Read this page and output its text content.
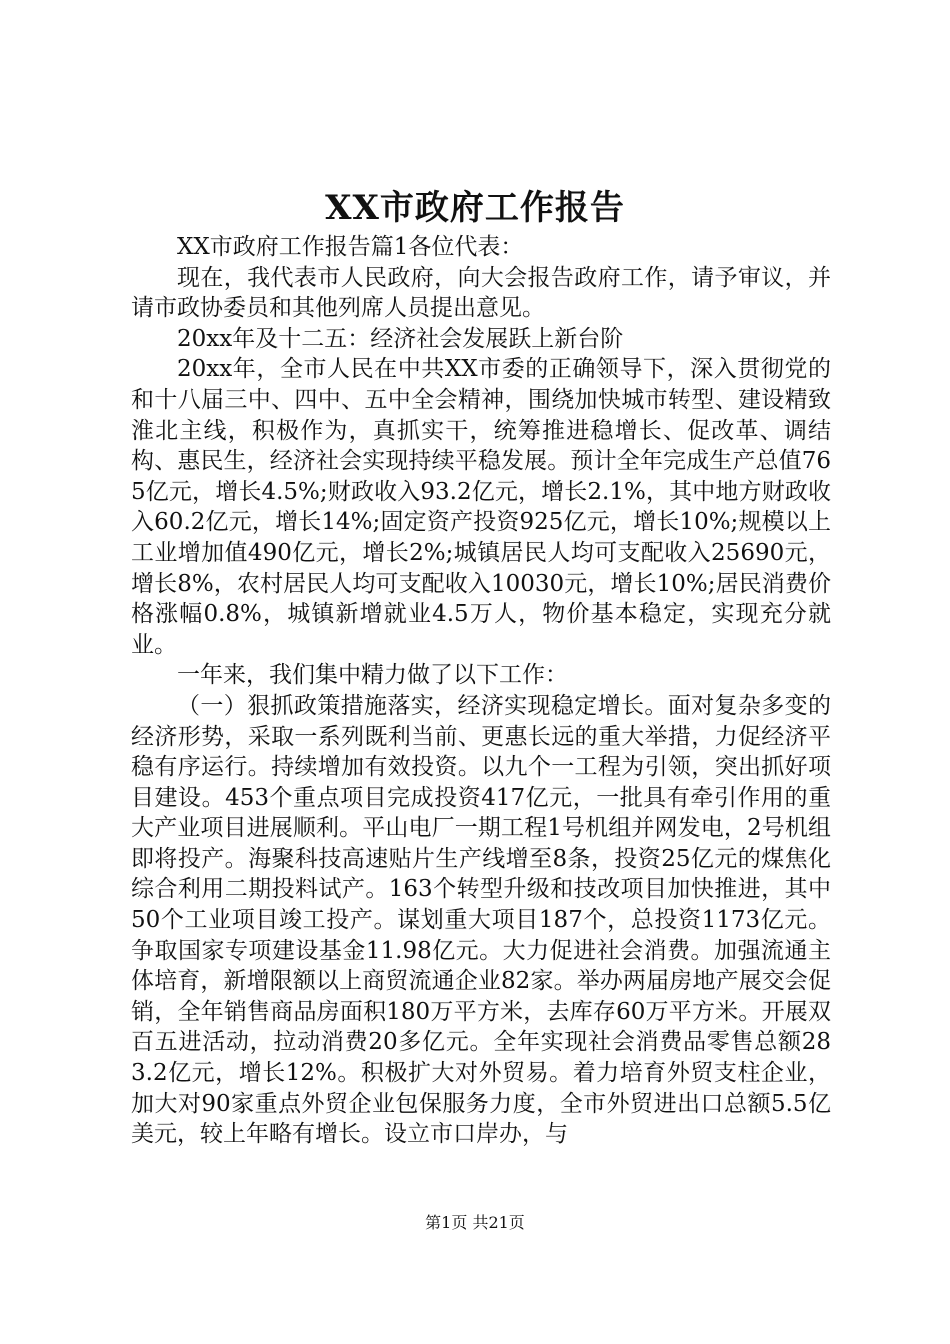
XX市政府工作报告

XX市政府工作报告篇1各位代表：

现在，我代表市人民政府，向大会报告政府工作，请予审议，并请市政协委员和其他列席人员提出意见。

20xx年及十二五：经济社会发展跃上新台阶

20xx年，全市人民在中共XX市委的正确领导下，深入贯彻党的和十八届三中、四中、五中全会精神，围绕加快城市转型、建设精致淮北主线，积极作为，真抓实干，统筹推进稳增长、促改革、调结构、惠民生，经济社会实现持续平稳发展。预计全年完成生产总值765亿元，增长4.5%;财政收入93.2亿元，增长2.1%，其中地方财政收入60.2亿元，增长14%;固定资产投资925亿元，增长10%;规模以上工业增加值490亿元，增长2%;城镇居民人均可支配收入25690元，增长8%，农村居民人均可支配收入10030元，增长10%;居民消费价格涨幅0.8%，城镇新增就业4.5万人，物价基本稳定，实现充分就业。

一年来，我们集中精力做了以下工作：

（一）狠抓政策措施落实，经济实现稳定增长。面对复杂多变的经济形势，采取一系列既利当前、更惠长远的重大举措，力促经济平稳有序运行。持续增加有效投资。以九个一工程为引领，突出抓好项目建设。453个重点项目完成投资417亿元，一批具有牵引作用的重大产业项目进展顺利。平山电厂一期工程1号机组并网发电，2号机组即将投产。海聚科技高速贴片生产线增至8条，投资25亿元的煤焦化综合利用二期投料试产。163个转型升级和技改项目加快推进，其中50个工业项目竣工投产。谋划重大项目187个，总投资1173亿元。争取国家专项建设基金11.98亿元。大力促进社会消费。加强流通主体培育，新增限额以上商贸流通企业82家。举办两届房地产展交会促销，全年销售商品房面积180万平方米，去库存60万平方米。开展双百五进活动，拉动消费20多亿元。全年实现社会消费品零售总额283.2亿元，增长12%。积极扩大对外贸易。着力培育外贸支柱企业，加大对90家重点外贸企业包保服务力度，全市外贸进出口总额5.5亿美元，较上年略有增长。设立市口岸办，与

第1页 共21页
